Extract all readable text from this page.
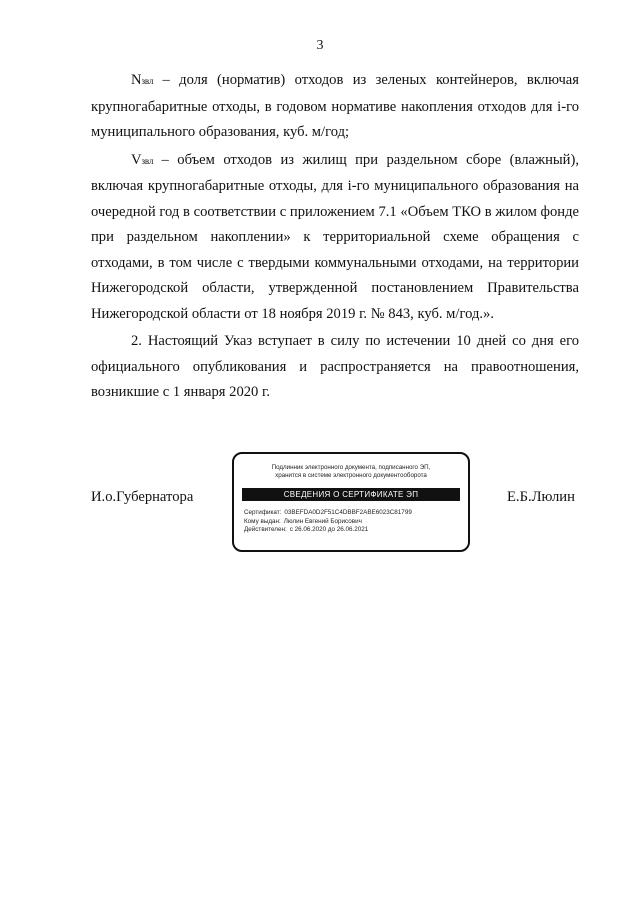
3

Nзвл – доля (норматив) отходов из зеленых контейнеров, включая крупногабаритные отходы, в годовом нормативе накопления отходов для i-го муниципального образования, куб. м/год;

Vзвл – объем отходов из жилищ при раздельном сборе (влажный), включая крупногабаритные отходы, для i-го муниципального образования на очередной год в соответствии с приложением 7.1 «Объем ТКО в жилом фонде при раздельном накоплении» к территориальной схеме обращения с отходами, в том числе с твердыми коммунальными отходами, на территории Нижегородской области, утвержденной постановлением Правительства Нижегородской области от 18 ноября 2019 г. № 843, куб. м/год.».

2. Настоящий Указ вступает в силу по истечении 10 дней со дня его официального опубликования и распространяется на правоотношения, возникшие с 1 января 2020 г.

И.о.Губернатора
Подлинник электронного документа, подписанного ЭП,
хранится в системе электронного документооборота
СВЕДЕНИЯ О СЕРТИФИКАТЕ ЭП
Сертификат: 03BEFDA0D2F51C4DBBF2ABE6023C81799
Кому выдан: Люлин Евгений Борисович
Действителен: с 26.06.2020 до 26.06.2021
Е.Б.Люлин
